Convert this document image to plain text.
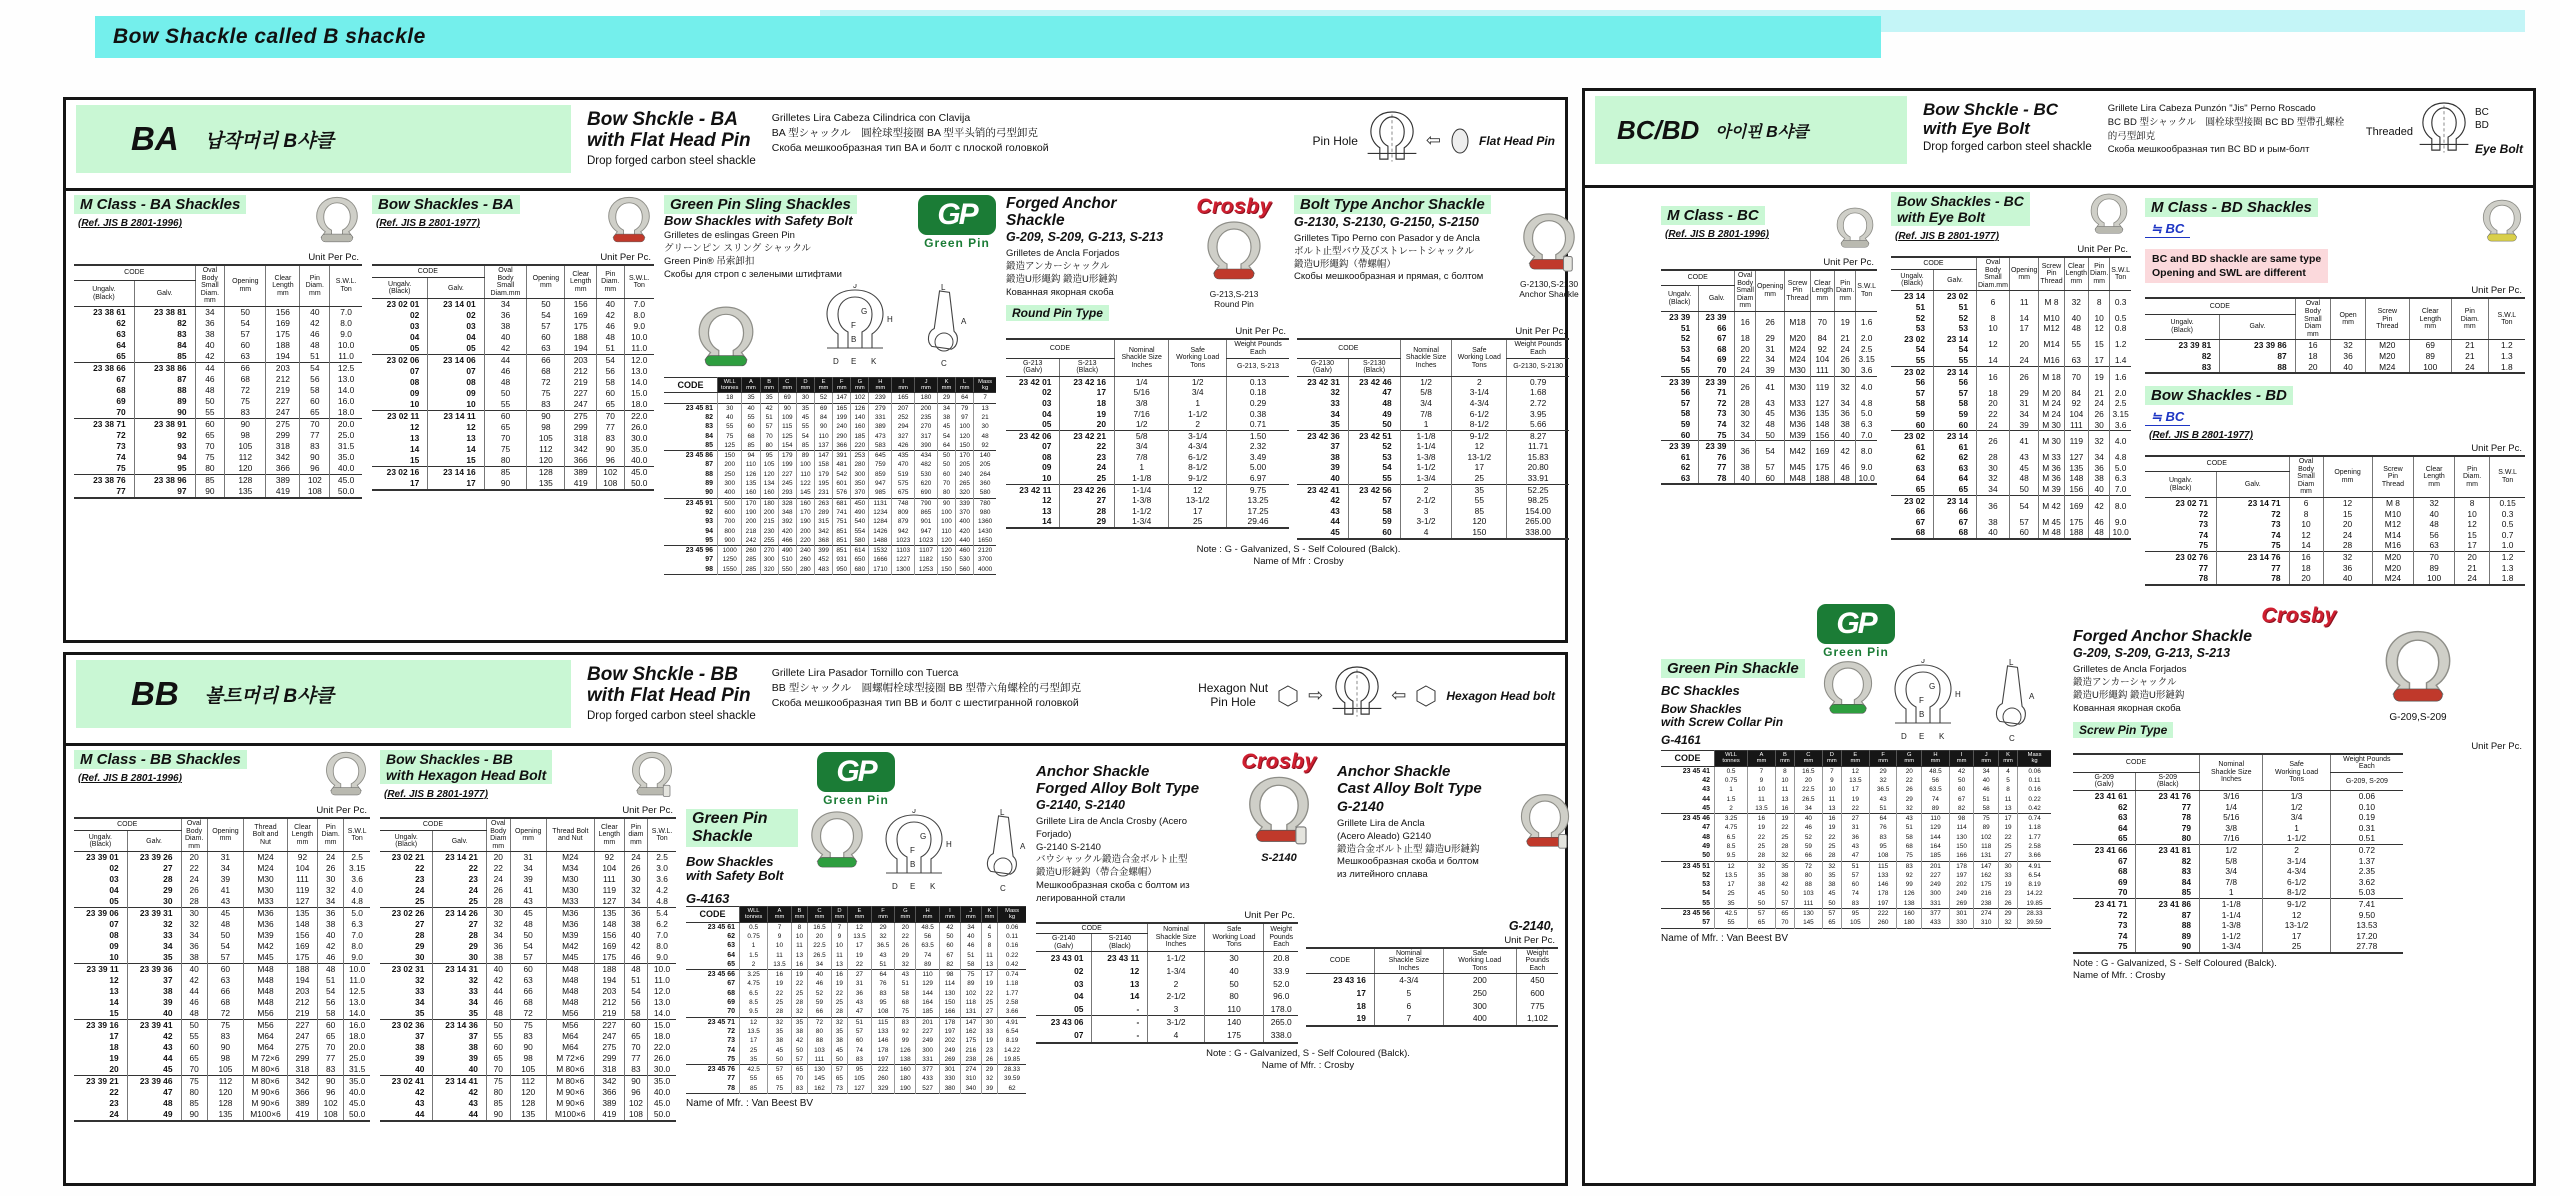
Bow Shackle called B shackle
BA 납작머리 B샤클
Bow Shckle - BA
with Flat Head Pin
Drop forged carbon steel shackle
Grilletes Lira Cabeza Cilindrica con Clavija
BA 型シャックル　圓栓球型接圈 BA 型平头销的弓型卸克
Скоба мешкообразная тип BA и болт с плоской головкой
Pin Hole	⇦	Flat Head Pin
M Class - BA Shackles
(Ref. JIS B 2801-1996)
Unit Per Pc.
CODE		Oval
Body
Small
Diam.
mm	Opening
mm	Clear
Length
mm	Pin
Diam.
mm	S.W.L.
Ton
Ungalv.
(Black)	Galv.					
23 38 61	23 38 81	34	50	156	40	7.0
62	82	36	54	169	42	8.0
63	83	38	57	175	46	9.0
64	84	40	60	188	48	10.0
65	85	42	63	194	51	11.0
23 38 66	23 38 86	44	66	203	54	12.5
67	87	46	68	212	56	13.0
68	88	48	72	219	58	14.0
69	89	50	75	227	60	16.0
70	90	55	83	247	65	18.0
23 38 71	23 38 91	60	90	275	70	20.0
72	92	65	98	299	77	25.0
73	93	70	105	318	83	31.5
74	94	75	112	342	90	35.0
75	95	80	120	366	96	40.0
23 38 76	23 38 96	85	128	389	102	45.0
77	97	90	135	419	108	50.0
Bow Shackles - BA
(Ref. JIS B 2801-1977)
Unit Per Pc.
CODE		Oval
Body
Small
Diam.mm	Opening
mm	Clear
Length
mm	Pin
Diam.
mm	S.W.L.
Ton
Ungalv.
(Black)	Galv.					
23 02 01	23 14 01	34	50	156	40	7.0
02	02	36	54	169	42	8.0
03	03	38	57	175	46	9.0
04	04	40	60	188	48	10.0
05	05	42	63	194	51	11.0
23 02 06	23 14 06	44	66	203	54	12.0
07	07	46	68	212	56	13.0
08	08	48	72	219	58	14.0
09	09	50	75	227	60	15.0
10	10	55	83	247	65	18.0
23 02 11	23 14 11	60	90	275	70	22.0
12	12	65	98	299	77	26.0
13	13	70	105	318	83	30.0
14	14	75	112	342	90	35.0
15	15	80	120	366	96	40.0
23 02 16	23 14 16	85	128	389	102	45.0
17	17	90	135	419	108	50.0
Green Pin Sling Shackles
Bow Shackles with Safety Bolt
Grilletes de eslingas Green Pin
グリーンピン スリング シャックル
Green Pin® 吊索卸扣
Скобы для строп с зелеными штифтами
GP
Green Pin
J
G
F
H
B
D E K
L
A
C
CODE	WLL
tonnes	A
mm	B
mm	C
mm	D
mm	E
mm	F
mm	G
mm	H
mm	I
mm	J
mm	K
mm	L
mm	Mass
kg
	18	35	35	69	30	52	147	102	239	165	180	29	64	7
23 45 81	30	40	42	90	35	69	165	126	279	207	200	34	79	13
82	40	55	51	109	45	84	199	140	331	252	235	38	97	21
83	55	60	57	115	55	90	240	160	389	294	270	45	100	30
84	75	68	70	125	54	110	290	185	473	327	317	54	120	48
85	125	85	80	154	85	137	366	220	583	426	390	64	150	92
23 45 86	150	94	95	179	89	147	391	253	645	435	434	50	170	140
87	200	110	105	199	100	158	481	280	759	470	482	50	205	205
88	250	126	120	227	110	179	542	300	859	519	530	60	240	264
89	300	135	134	245	122	195	601	350	947	575	620	70	265	360
90	400	160	160	293	145	231	576	370	985	675	690	80	320	580
23 45 91	500	170	180	328	160	263	681	450	1131	748	790	90	339	780
92	600	190	200	348	170	289	741	490	1234	809	865	100	370	980
93	700	200	215	392	190	315	751	540	1284	879	901	100	400	1360
94	800	218	230	420	200	342	851	554	1426	942	947	110	420	1430
95	900	242	255	466	220	368	851	580	1488	1023	1023	120	440	1650
23 45 96	1000	260	270	490	240	399	851	614	1532	1103	1107	120	460	2120
97	1250	285	300	510	260	452	931	650	1666	1227	1182	150	530	3700
98	1550	285	320	550	280	483	950	680	1710	1300	1253	150	560	4000
Forged Anchor Shackle
G-209, S-209, G-213, S-213
Grilletes de Ancla Forjados
鍛造アンカーシャックル
鍛造U形繩鈎 鍛造U形鏈鈎
Кованная якорная скоба
Round Pin Type
Crosby
G-213,S-213
Round Pin
Bolt Type Anchor Shackle
G-2130, S-2130, G-2150, S-2150
Grilletes Tipo Perno con Pasador y de Ancla
ボルト止型バウ及びストレートシャックル
鍛造U形繩鈎（帶螺帽）
Скобы мешкообразная и прямая, с болтом
G-2130,S-2130
Anchor Shackle
Unit Per Pc.
CODE		Nominal
Shackle Size
Inches	Safe
Working Load
Tons	Weight Pounds
Each
G-213
(Galv)	S-213
(Black)			G-213, S-213
23 42 01	23 42 16	1/4	1/2	0.13
02	17	5/16	3/4	0.18
03	18	3/8	1	0.29
04	19	7/16	1-1/2	0.38
05	20	1/2	2	0.71
23 42 06	23 42 21	5/8	3-1/4	1.50
07	22	3/4	4-3/4	2.32
08	23	7/8	6-1/2	3.49
09	24	1	8-1/2	5.00
10	25	1-1/8	9-1/2	6.97
23 42 11	23 42 26	1-1/4	12	9.75
12	27	1-3/8	13-1/2	13.25
13	28	1-1/2	17	17.25
14	29	1-3/4	25	29.46
Unit Per Pc.
CODE		Nominal
Shackle Size
Inches	Safe
Working Load
Tons	Weight Pounds
Each
G-2130
(Galv)	S-2130
(Black)			G-2130, S-2130
23 42 31	23 42 46	1/2	2	0.79
32	47	5/8	3-1/4	1.68
33	48	3/4	4-3/4	2.72
34	49	7/8	6-1/2	3.95
35	50	1	8-1/2	5.66
23 42 36	23 42 51	1-1/8	9-1/2	8.27
37	52	1-1/4	12	11.71
38	53	1-3/8	13-1/2	15.83
39	54	1-1/2	17	20.80
40	55	1-3/4	25	33.91
23 42 41	23 42 56	2	35	52.25
42	57	2-1/2	55	98.25
43	58	3	85	154.00
44	59	3-1/2	120	265.00
45	60	4	150	338.00
Note : G - Galvanized, S - Self Coloured (Balck).
Name of Mfr : Crosby
BB 볼트머리 B샤클
Bow Shckle - BB
with Flat Head Pin
Drop forged carbon steel shackle
Grillete Lira Pasador Tornillo con Tuerca
BB 型シャックル　圓螺帽栓球型接圈 BB 型帶六角螺栓的弓型卸克
Скоба мешкообразная тип BB и болт с шестигранной головкой
Hexagon Nut
Pin Hole	⇨	⇦	Hexagon Head bolt
M Class - BB Shackles
(Ref. JIS B 2801-1996)
Unit Per Pc.
CODE		Oval
Body
Diam.
mm	Opening
mm	Thread
Bolt and
Nut	Clear
Length
mm	Pin
Diam.
mm	S.W.L
Ton
Ungalv.
(Black)	Galv.						
23 39 01	23 39 26	20	31	M24	92	24	2.5
02	27	22	34	M24	104	26	3.15
03	28	24	39	M30	111	30	3.6
04	29	26	41	M30	119	32	4.0
05	30	28	43	M33	127	34	4.8
23 39 06	23 39 31	30	45	M36	135	36	5.0
07	32	32	48	M36	148	38	6.3
08	33	34	50	M39	156	40	7.0
09	34	36	54	M42	169	42	8.0
10	35	38	57	M45	175	46	9.0
23 39 11	23 39 36	40	60	M48	188	48	10.0
12	37	42	63	M48	194	51	11.0
13	38	44	66	M48	203	54	12.5
14	39	46	68	M48	212	56	13.0
15	40	48	72	M56	219	58	14.0
23 39 16	23 39 41	50	75	M56	227	60	16.0
17	42	55	83	M64	247	65	18.0
18	43	60	90	M64	275	70	20.0
19	44	65	98	M 72×6	299	77	25.0
20	45	70	105	M 80×6	318	83	31.5
23 39 21	23 39 46	75	112	M 80×6	342	90	35.0
22	47	80	120	M 90×6	366	96	40.0
23	48	85	128	M 90×6	389	102	45.0
24	49	90	135	M100×6	419	108	50.0
Bow Shackles - BB
with Hexagon Head Bolt
(Ref. JIS B 2801-1977)
Unit Per Pc.
CODE		Oval
Body
Diam
mm	Opening
mm	Thread Bolt
and Nut	Clear
Length
mm	Pin
diam
mm	S.W.L.
Ton
Ungalv.
(Black)	Galv.						
23 02 21	23 14 21	20	31	M24	92	24	2.5
22	22	22	34	M34	104	26	3.0
23	23	24	39	M30	111	30	3.6
24	24	26	41	M30	119	32	4.2
25	25	28	43	M33	127	34	4.8
23 02 26	23 14 26	30	45	M36	135	36	5.4
27	27	32	48	M36	148	38	6.2
28	28	34	50	M39	156	40	7.0
29	29	36	54	M42	169	42	8.0
30	30	38	57	M45	175	46	9.0
23 02 31	23 14 31	40	60	M48	188	48	10.0
32	32	42	63	M48	194	51	11.0
33	33	44	66	M48	203	54	12.0
34	34	46	68	M48	212	56	13.0
35	35	48	72	M56	219	58	14.0
23 02 36	23 14 36	50	75	M56	227	60	15.0
37	37	55	83	M64	247	65	18.0
38	38	60	90	M64	275	70	22.0
39	39	65	98	M 72×6	299	77	26.0
40	40	70	105	M 80×6	318	83	30.0
23 02 41	23 14 41	75	112	M 80×6	342	90	35.0
42	42	80	120	M 90×6	366	96	40.0
43	43	85	128	M 90×6	389	102	45.0
44	44	90	135	M100×6	419	108	50.0
GP
Green Pin
Green Pin Shackle
Bow Shackles
with Safety Bolt
G-4163
J
G
F
H
B
D E K
L
A
C
CODE	WLL
tonnes	A
mm	B
mm	C
mm	D
mm	E
mm	F
mm	G
mm	H
mm	I
mm	J
mm	K
mm	Mass
kg
23 45 61	0.5	7	8	16.5	7	12	29	20	48.5	42	34	4	0.06
62	0.75	9	10	20	9	13.5	32	22	56	50	40	5	0.11
63	1	10	11	22.5	10	17	36.5	26	63.5	60	46	8	0.16
64	1.5	11	13	26.5	11	19	43	29	74	67	51	11	0.22
65	2	13.5	16	34	13	22	51	32	89	82	58	13	0.42
23 45 66	3.25	16	19	40	16	27	64	43	110	98	75	17	0.74
67	4.75	19	22	46	19	31	76	51	129	114	89	19	1.18
68	6.5	22	25	52	22	36	83	58	144	130	102	22	1.77
69	8.5	25	28	59	25	43	95	68	164	150	118	25	2.58
70	9.5	28	32	66	28	47	108	75	185	166	131	27	3.66
23 45 71	12	32	35	72	32	51	115	83	201	178	147	30	4.91
72	13.5	35	38	80	35	57	133	92	227	197	162	33	6.54
73	17	38	42	88	38	60	146	99	249	202	175	19	8.19
74	25	45	50	103	45	74	178	126	300	249	216	23	14.22
75	35	50	57	111	50	83	197	138	331	269	238	26	19.85
23 45 76	42.5	57	65	130	57	95	222	160	377	301	274	29	28.33
77	55	65	70	145	65	105	260	180	433	330	310	32	39.59
78	85	75	83	162	73	127	329	190	527	380	340	39	62
Name of Mfr. : Van Beest BV
Anchor Shackle
Forged Alloy Bolt Type
G-2140, S-2140
Grillete Lira de Ancla Crosby (Acero Forjado)
G-2140 S-2140
バウシャックル鍛造合金ボルト止型
鍛造U形鏈鈎（帶合金螺帽）
Мешкообразная скоба с болтом из легированной стали
Crosby
S-2140
Anchor Shackle
Cast Alloy Bolt Type
G-2140
Grillete Lira de Ancla
(Acero Aleado) G2140
鍛造合金ボルト止型 鑄造U形鏈鈎
Мешкообразная скоба и болтом
из литейного сплава
Unit Per Pc.
CODE		Nominal
Shackle Size
Inches	Safe
Working Load
Tons	Weight
Pounds
Each
G-2140
(Galv)	S-2140
(Black)			
23 43 01	23 43 11	1-1/2	30	20.8
02	12	1-3/4	40	33.9
03	13	2	50	52.0
04	14	2-1/2	80	96.0
05	-	3	110	178.0
23 43 06	-	3-1/2	140	265.0
07	-	4	175	338.0
G-2140,
Unit Per Pc.
CODE	Nominal
Shackle Size
Inches	Safe
Working Load
Tons	Weight
Pounds
Each
23 43 16	4-3/4	200	450
17	5	250	600
18	6	300	775
19	7	400	1,102
Note : G - Galvanized, S - Self Coloured (Balck).
Name of Mfr. : Crosby
BC/BD 아이핀 B샤클
Bow Shckle - BC
with Eye Bolt
Drop forged carbon steel shackle
Grillete Lira Cabeza Punzón "Jis" Perno Roscado
BC BD 型シャックル　圓栓球型接圈 BC BD 型帶孔螺栓的弓型卸克
Скоба мешкообразная тип BC BD и рым-болт
Threaded
BC
BD
Eye Bolt
M Class - BC
(Ref. JIS B 2801-1996)
Unit Per Pc.
CODE		Oval
Body
Small
Diam
mm	Opening
mm	Screw
Pin
Thread	Clear
Length
mm	Pin
Diam.
mm	S.W.L
Ton
Ungalv.
(Black)	Galv.						
23 39 51	23 39 66	16	26	M18	70	19	1.6
52	67	18	29	M20	84	21	2.0
53	68	20	31	M24	92	24	2.5
54	69	22	34	M24	104	26	3.15
55	70	24	39	M30	111	30	3.6
23 39 56	23 39 71	26	41	M30	119	32	4.0
57	72	28	43	M33	127	34	4.8
58	73	30	45	M36	135	36	5.0
59	74	32	48	M36	148	38	6.3
60	75	34	50	M39	156	40	7.0
23 39 61	23 39 76	36	54	M42	169	42	8.0
62	77	38	57	M45	175	46	9.0
63	78	40	60	M48	188	48	10.0
Bow Shackles - BC
with Eye Bolt
(Ref. JIS B 2801-1977)
Unit Per Pc.
CODE		Oval
Body
Small
Diam.mm	Opening
mm	Screw
Pin
Thread	Clear
Length
mm	Pin
Diam.
mm	S.W.L
Ton
Ungalv.
(Black)	Galv.						
23 14 51	23 02 51	6	11	M 8	32	8	0.3
52	52	8	14	M10	40	10	0.5
53	53	10	17	M12	48	12	0.8
23 02 54	23 14 54	12	20	M14	55	15	1.2
55	55	14	24	M16	63	17	1.4
23 02 56	23 14 56	16	26	M 18	70	19	1.6
57	57	18	29	M 20	84	21	2.0
58	58	20	31	M 24	92	24	2.5
59	59	22	34	M 24	104	26	3.15
60	60	24	39	M 30	111	30	3.6
23 02 61	23 14 61	26	41	M 30	119	32	4.0
62	62	28	43	M 33	127	34	4.8
63	63	30	45	M 36	135	36	5.0
64	64	32	48	M 36	148	38	6.3
65	65	34	50	M 39	156	40	7.0
23 02 66	23 14 66	36	54	M 42	169	42	8.0
67	67	38	57	M 45	175	46	9.0
68	68	40	60	M 48	188	48	10.0
M Class - BD Shackles
≒ BC
BC and BD shackle are same type
Opening and SWL are different
Unit Per Pc.
CODE		Oval
Body
Small
Diam
mm	Open
mm	Screw
Pin
Thread	Clear
Length
mm	Pin
Diam.
mm	S.W.L
Ton
Ungalv.
(Black)	Galv.						
23 39 81	23 39 86	16	32	M20	69	21	1.2
82	87	18	36	M20	89	21	1.3
83	88	20	40	M24	100	24	1.8
Bow Shackles - BD
≒ BC
(Ref. JIS B 2801-1977)
Unit Per Pc.
CODE		Oval
Body
Small
Diam
mm	Opening
mm	Screw
Pin
Thread	Clear
Length
mm	Pin
Diam.
mm	S.W.L
Ton
Ungalv.
(Black)	Galv.						
23 02 71	23 14 71	6	12	M 8	32	8	0.15
72	72	8	15	M10	40	10	0.3
73	73	10	20	M12	48	12	0.5
74	74	12	24	M14	56	15	0.7
75	75	14	28	M16	63	17	1.0
23 02 76	23 14 76	16	32	M20	70	20	1.2
77	77	18	36	M20	89	21	1.3
78	78	20	40	M24	100	24	1.8
GP
Green Pin
Green Pin Shackle
BC Shackles
Bow Shackles
with Screw Collar Pin
G-4161
J
G
F
H
B
D E K
L
A
C
CODE	WLL
tonnes	A
mm	B
mm	C
mm	D
mm	E
mm	F
mm	G
mm	H
mm	I
mm	J
mm	K
mm	Mass
kg
23 45 41	0.5	7	8	16.5	7	12	29	20	48.5	42	34	4	0.06
42	0.75	9	10	20	9	13.5	32	22	56	50	40	5	0.11
43	1	10	11	22.5	10	17	36.5	26	63.5	60	46	8	0.16
44	1.5	11	13	26.5	11	19	43	29	74	67	51	11	0.22
45	2	13.5	16	34	13	22	51	32	89	82	58	13	0.42
23 45 46	3.25	16	19	40	16	27	64	43	110	98	75	17	0.74
47	4.75	19	22	46	19	31	76	51	129	114	89	19	1.18
48	6.5	22	25	52	22	36	83	58	144	130	102	22	1.77
49	8.5	25	28	59	25	43	95	68	164	150	118	25	2.58
50	9.5	28	32	66	28	47	108	75	185	166	131	27	3.66
23 45 51	12	32	35	72	32	51	115	83	201	178	147	30	4.91
52	13.5	35	38	80	35	57	133	92	227	197	162	33	6.54
53	17	38	42	88	38	60	146	99	249	202	175	19	8.19
54	25	45	50	103	45	74	178	126	300	249	216	23	14.22
55	35	50	57	111	50	83	197	138	331	269	238	26	19.85
23 45 56	42.5	57	65	130	57	95	222	160	377	301	274	29	28.33
57	55	65	70	145	65	105	260	180	433	330	310	32	39.59
Name of Mfr. : Van Beest BV
Crosby
Forged Anchor Shackle
G-209, S-209, G-213, S-213
Grilletes de Ancla Forjados
鍛造アンカーシャックル
鍛造U形繩鈎 鍛造U形鏈鈎
Кованная якорная скоба
Screw Pin Type
G-209,S-209
Unit Per Pc.
CODE		Nominal
Shackle Size
Inches	Safe
Working Load
Tons	Weight Pounds
Each
G-209
(Galv)	S-209
(Black)			G-209, S-209
23 41 61	23 41 76	3/16	1/3	0.06
62	77	1/4	1/2	0.10
63	78	5/16	3/4	0.19
64	79	3/8	1	0.31
65	80	7/16	1-1/2	0.51
23 41 66	23 41 81	1/2	2	0.72
67	82	5/8	3-1/4	1.37
68	83	3/4	4-3/4	2.35
69	84	7/8	6-1/2	3.62
70	85	1	8-1/2	5.03
23 41 71	23 41 86	1-1/8	9-1/2	7.41
72	87	1-1/4	12	9.50
73	88	1-3/8	13-1/2	13.53
74	89	1-1/2	17	17.20
75	90	1-3/4	25	27.78
Note : G - Galvanized, S - Self Coloured (Balck).
Name of Mfr. : Crosby
